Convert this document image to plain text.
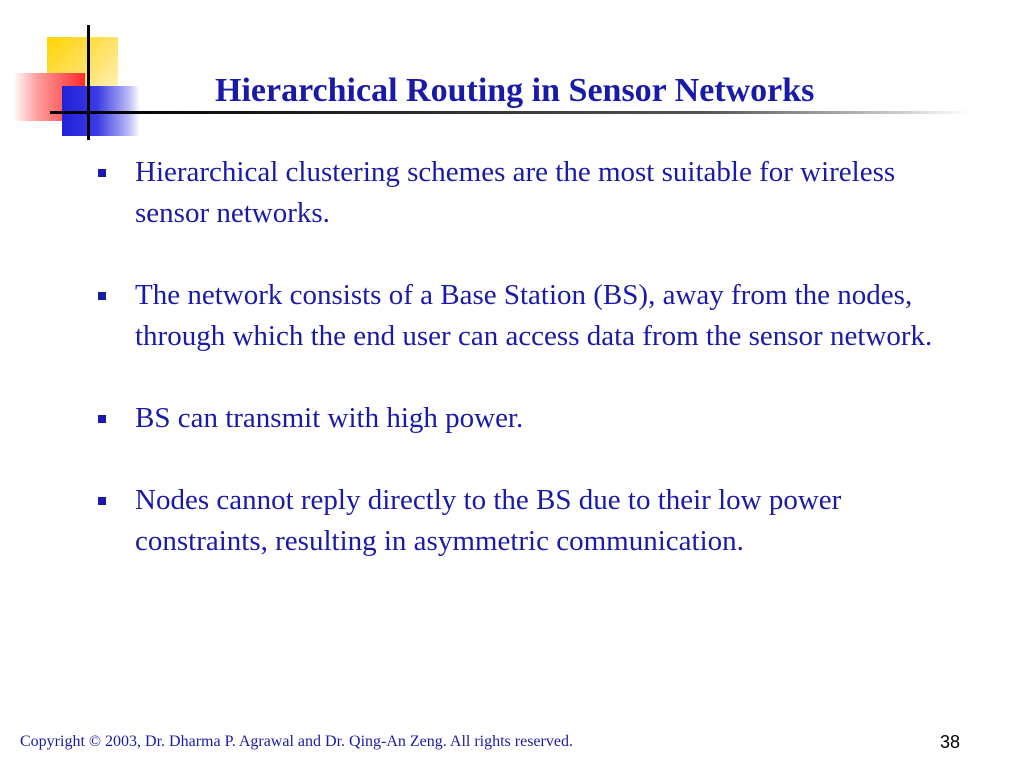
Hierarchical Routing in Sensor Networks
Hierarchical clustering schemes are the most suitable for wireless sensor networks.
The network consists of a Base Station (BS), away from the nodes, through which the end user can access data from the sensor network.
BS can transmit with high power.
Nodes cannot reply directly to the BS due to their low power constraints, resulting in asymmetric communication.
Copyright © 2003, Dr. Dharma P. Agrawal and Dr. Qing-An Zeng. All rights reserved.	38
